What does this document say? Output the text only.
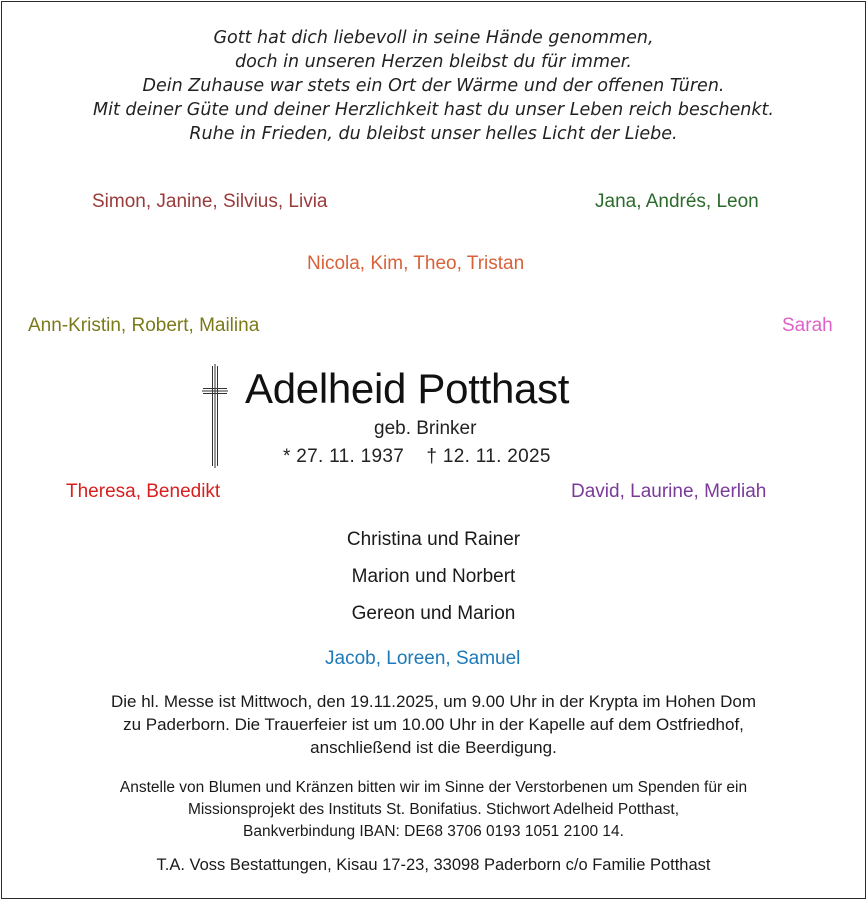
Gott hat dich liebevoll in seine Hände genommen,
doch in unseren Herzen bleibst du für immer.
Dein Zuhause war stets ein Ort der Wärme und der offenen Türen.
Mit deiner Güte und deiner Herzlichkeit hast du unser Leben reich beschenkt.
Ruhe in Frieden, du bleibst unser helles Licht der Liebe.
Simon, Janine, Silvius, Livia	Jana, Andrés, Leon
Nicola, Kim, Theo, Tristan
Ann-Kristin, Robert, Mailina	Sarah
Adelheid Potthast
geb. Brinker
* 27. 11. 1937    † 12. 11. 2025
Theresa, Benedikt	David, Laurine, Merliah
Christina und Rainer
Marion und Norbert
Gereon und Marion
Jacob, Loreen, Samuel
Die hl. Messe ist Mittwoch, den 19.11.2025, um 9.00 Uhr in der Krypta im Hohen Dom
zu Paderborn. Die Trauerfeier ist um 10.00 Uhr in der Kapelle auf dem Ostfriedhof,
anschließend ist die Beerdigung.
Anstelle von Blumen und Kränzen bitten wir im Sinne der Verstorbenen um Spenden für ein
Missionsprojekt des Instituts St. Bonifatius. Stichwort Adelheid Potthast,
Bankverbindung IBAN: DE68 3706 0193 1051 2100 14.
T.A. Voss Bestattungen, Kisau 17-23, 33098 Paderborn c/o Familie Potthast
